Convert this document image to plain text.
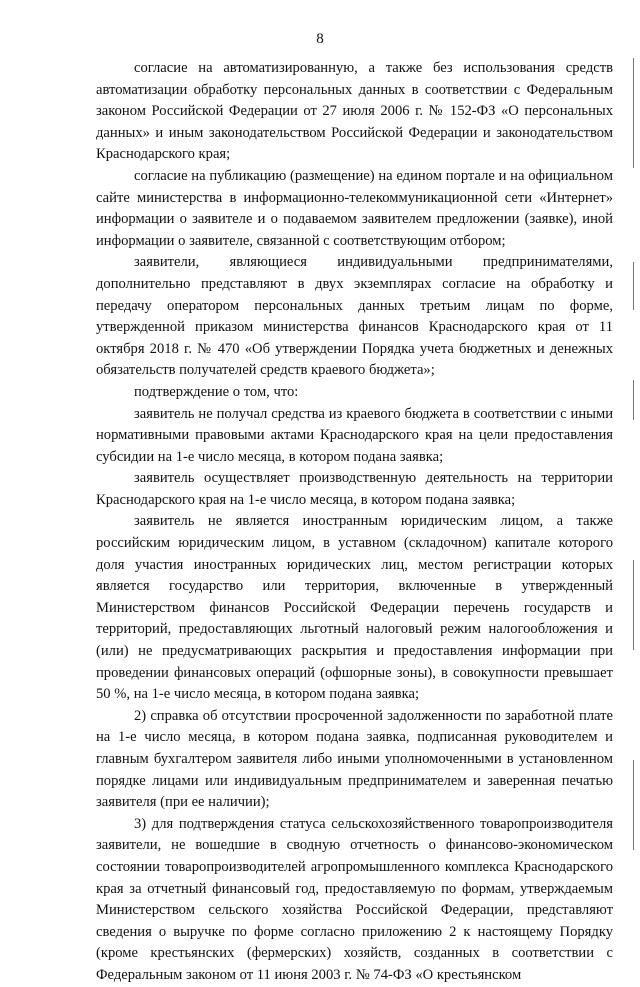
8

согласие на автоматизированную, а также без использования средств автоматизации обработку персональных данных в соответствии с Федеральным законом Российской Федерации от 27 июля 2006 г. № 152-ФЗ «О персональных данных» и иным законодательством Российской Федерации и законодательством Краснодарского края;

согласие на публикацию (размещение) на едином портале и на официальном сайте министерства в информационно-телекоммуникационной сети «Интернет» информации о заявителе и о подаваемом заявителем предложении (заявке), иной информации о заявителе, связанной с соответствующим отбором;

заявители, являющиеся индивидуальными предпринимателями, дополнительно представляют в двух экземплярах согласие на обработку и передачу оператором персональных данных третьим лицам по форме, утвержденной приказом министерства финансов Краснодарского края от 11 октября 2018 г. № 470 «Об утверждении Порядка учета бюджетных и денежных обязательств получателей средств краевого бюджета»;

подтверждение о том, что:

заявитель не получал средства из краевого бюджета в соответствии с иными нормативными правовыми актами Краснодарского края на цели предоставления субсидии на 1-е число месяца, в котором подана заявка;

заявитель осуществляет производственную деятельность на территории Краснодарского края на 1-е число месяца, в котором подана заявка;

заявитель не является иностранным юридическим лицом, а также российским юридическим лицом, в уставном (складочном) капитале которого доля участия иностранных юридических лиц, местом регистрации которых является государство или территория, включенные в утвержденный Министерством финансов Российской Федерации перечень государств и территорий, предоставляющих льготный налоговый режим налогообложения и (или) не предусматривающих раскрытия и предоставления информации при проведении финансовых операций (офшорные зоны), в совокупности превышает 50 %, на 1-е число месяца, в котором подана заявка;

2) справка об отсутствии просроченной задолженности по заработной плате на 1-е число месяца, в котором подана заявка, подписанная руководителем и главным бухгалтером заявителя либо иными уполномоченными в установленном порядке лицами или индивидуальным предпринимателем и заверенная печатью заявителя (при ее наличии);

3) для подтверждения статуса сельскохозяйственного товаропроизводителя заявители, не вошедшие в сводную отчетность о финансово-экономическом состоянии товаропроизводителей агропромышленного комплекса Краснодарского края за отчетный финансовый год, предоставляемую по формам, утверждаемым Министерством сельского хозяйства Российской Федерации, представляют сведения о выручке по форме согласно приложению 2 к настоящему Порядку (кроме крестьянских (фермерских) хозяйств, созданных в соответствии с Федеральным законом от 11 июня 2003 г. № 74-ФЗ «О крестьянском
